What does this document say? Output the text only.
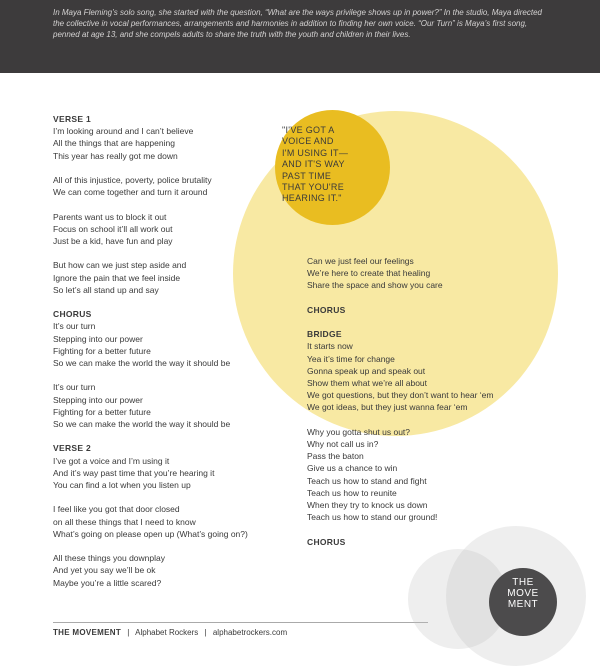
In Maya Fleming’s solo song, she started with the question, “What are the ways privilege shows up in power?” In the studio, Maya directed the collective in vocal performances, arrangements and harmonies in addition to finding her own voice. “Our Turn” is Maya’s first song, penned at age 13, and she compels adults to share the truth with the youth and children in their lives.

"I'VE GOT A
VOICE AND
I'M USING IT—
AND IT'S WAY
PAST TIME
THAT YOU'RE
HEARING IT."
VERSE 1
I’m looking around and I can’t believe
All the things that are happening
This year has really got me down

All of this injustice, poverty, police brutality
We can come together and turn it around

Parents want us to block it out
Focus on school it’ll all work out
Just be a kid, have fun and play

But how can we just step aside and
Ignore the pain that we feel inside
So let’s all stand up and say
CHORUS
It’s our turn
Stepping into our power
Fighting for a better future
So we can make the world the way it should be

It’s our turn
Stepping into our power
Fighting for a better future
So we can make the world the way it should be
VERSE 2
I’ve got a voice and I’m using it
And it’s way past time that you’re hearing it
You can find a lot when you listen up

I feel like you got that door closed
on all these things that I need to know
What’s going on please open up (What’s going on?)

All these things you downplay
And yet you say we’ll be ok
Maybe you’re a little scared?
Can we just feel our feelings
We’re here to create that healing
Share the space and show you care
CHORUS
BRIDGE
It starts now
Yea it’s time for change
Gonna speak up and speak out
Show them what we’re all about
We got questions, but they don’t want to hear ‘em
We got ideas, but they just wanna fear ‘em

Why you gotta shut us out?
Why not call us in?
Pass the baton
Give us a chance to win
Teach us how to stand and fight
Teach us how to reunite
When they try to knock us down
Teach us how to stand our ground!
CHORUS
THE MOVEMENT | Alphabet Rockers | alphabetrockers.com
THE
MOVE
MENT
